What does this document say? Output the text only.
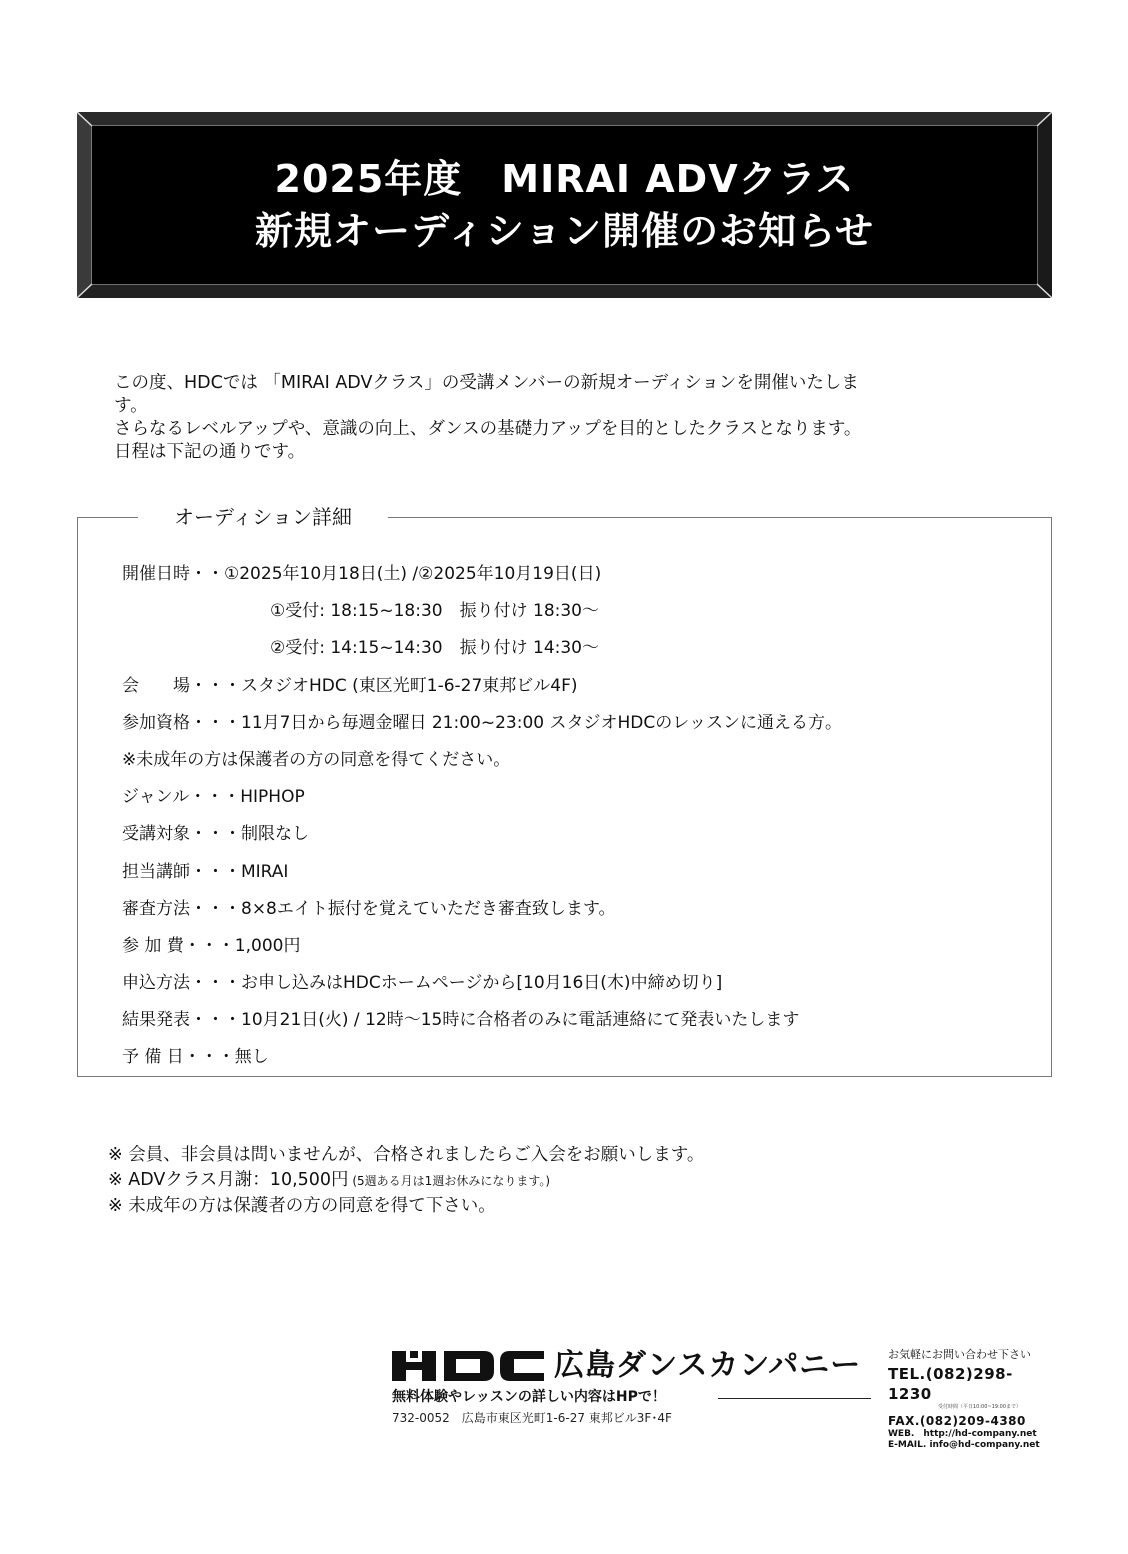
2025年度　MIRAI ADVクラス
新規オーディション開催のお知らせ

この度、HDCでは 「MIRAI ADVクラス」の受講メンバーの新規オーディションを開催いたしま

す。

さらなるレベルアップや、意識の向上、ダンスの基礎力アップを目的としたクラスとなります。

日程は下記の通りです。

オーディション詳細
開催日時・・①2025年10月18日(土) /②2025年10月19日(日)
①受付: 18:15~18:30　振り付け 18:30～
②受付: 14:15~14:30　振り付け 14:30～
会　　場・・・スタジオHDC (東区光町1-6-27東邦ビル4F)
参加資格・・・11月7日から毎週金曜日 21:00~23:00 スタジオHDCのレッスンに通える方。
※未成年の方は保護者の方の同意を得てください。
ジャンル・・・HIPHOP
受講対象・・・制限なし
担当講師・・・MIRAI
審査方法・・・8×8エイト振付を覚えていただき審査致します。
参 加 費・・・1,000円
申込方法・・・お申し込みはHDCホームページから[10月16日(木)中締め切り]
結果発表・・・10月21日(火) / 12時～15時に合格者のみに電話連絡にて発表いたします
予 備 日・・・無し
※ 会員、非会員は問いませんが、合格されましたらご入会をお願いします。
※ ADVクラス月謝：10,500円 (5週ある月は1週お休みになります。)
※ 未成年の方は保護者の方の同意を得て下さい。
広島ダンスカンパニー
無料体験やレッスンの詳しい内容はHPで！
732-0052　広島市東区光町1-6-27 東邦ビル3F･4F
お気軽にお問い合わせ下さい
TEL.(082)298-1230
受付時間（平日10:00~19:00まで）
FAX.(082)209-4380
WEB.　http://hd-company.net
E-MAIL. info@hd-company.net
